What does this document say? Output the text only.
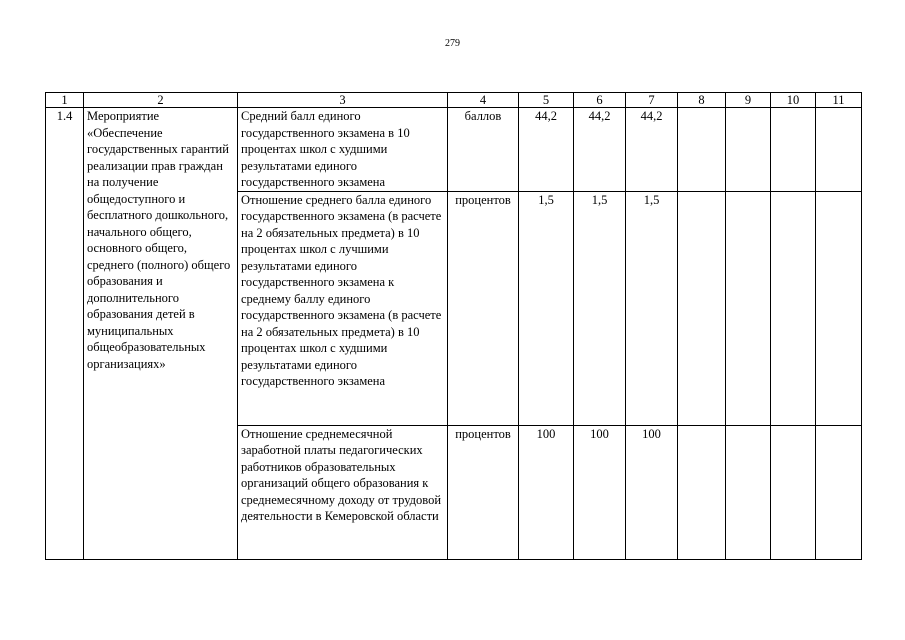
279
1	2	3	4	5	6	7	8	9	10	11
1.4	Мероприятие «Обеспечение государственных гарантий реализации прав граждан на получение общедоступного и бесплатного дошкольного, начального общего, основного общего, среднего (полного) общего образования и дополнительного образования детей в муниципальных общеобразовательных организациях»	Средний балл единого государственного экзамена в 10 процентах школ с худшими результатами единого государственного экзамена	баллов	44,2	44,2	44,2				
		Отношение среднего балла единого государственного экзамена (в расчете на 2 обязательных предмета) в 10 процентах школ с лучшими результатами единого государственного экзамена к среднему баллу единого государственного экзамена (в расчете на 2 обязательных предмета) в 10 процентах школ с худшими результатами единого государственного экзамена	процентов	1,5	1,5	1,5				
		Отношение среднемесячной заработной платы педагогических работников образовательных организаций общего образования к среднемесячному доходу от трудовой деятельности в Кемеровской области	процентов	100	100	100				
